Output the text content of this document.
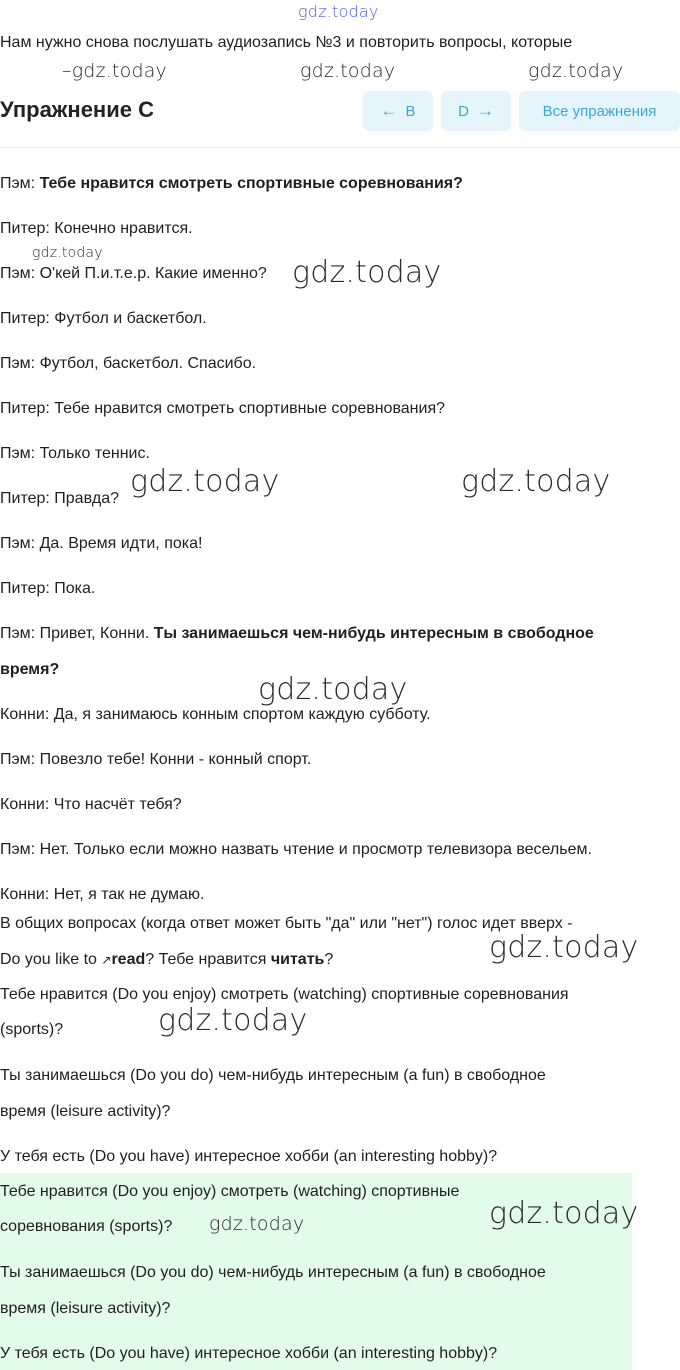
gdz.today
Нам нужно снова послушать аудиозапись №3 и повторить вопросы, которые
–gdz.today	gdz.today	gdz.today
Упражнение C	← B	D →	Все упражнения
Пэм: Тебе нравится смотреть спортивные соревнования?
Питер: Конечно нравится.
gdz.today
Пэм: О'кей П.и.т.е.р. Какие именно? gdz.today
Питер: Футбол и баскетбол.
Пэм: Футбол, баскетбол. Спасибо.
Питер: Тебе нравится смотреть спортивные соревнования?
Пэм: Только теннис.
Питер: Правда? gdz.today	gdz.today
Пэм: Да. Время идти, пока!
Питер: Пока.
Пэм: Привет, Конни. Ты занимаешься чем-нибудь интересным в свободное
время?
gdz.today
Конни: Да, я занимаюсь конным спортом каждую субботу.
Пэм: Повезло тебе! Конни - конный спорт.
Конни: Что насчёт тебя?
Пэм: Нет. Только если можно назвать чтение и просмотр телевизора весельем.
Конни: Нет, я так не думаю.
В общих вопросах (когда ответ может быть "да" или "нет") голос идет вверх -
Do you like to ↗read? Тебе нравится читать?	gdz.today
Тебе нравится (Do you enjoy) смотреть (watching) спортивные соревнования
(sports)?	gdz.today
Ты занимаешься (Do you do) чем-нибудь интересным (a fun) в свободное
время (leisure activity)?
У тебя есть (Do you have) интересное хобби (an interesting hobby)?
Тебе нравится (Do you enjoy) смотреть (watching) спортивные
соревнования (sports)?	gdz.today	gdz.today
Ты занимаешься (Do you do) чем-нибудь интересным (a fun) в свободное
время (leisure activity)?
У тебя есть (Do you have) интересное хобби (an interesting hobby)?
